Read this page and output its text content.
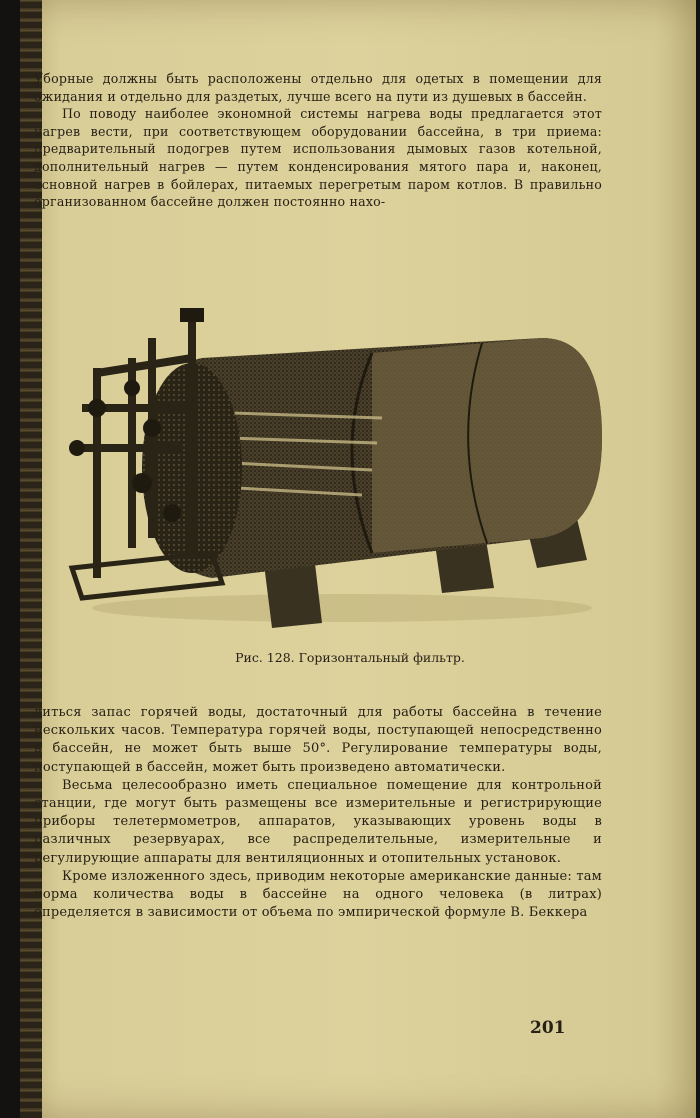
Уборные должны быть расположены отдельно для одетых в помещении для ожидания и отдельно для раздетых, лучше всего на пути из душевых в бассейн.

По поводу наиболее экономной системы нагрева воды предлагается этот нагрев вести, при соответствующем оборудовании бассейна, в три приема: предварительный подогрев путем использования дымовых газов котельной, дополнительный нагрев — путем конденсирования мятого пара и, наконец, основной нагрев в бойлерах, питаемых перегретым паром котлов. В правильно организованном бассейне должен постоянно нахо-

Рис. 128. Горизонтальный фильтр.

диться запас горячей воды, достаточный для работы бассейна в течение нескольких часов. Температура горячей воды, поступающей непосредственно в бассейн, не может быть выше 50°. Регулирование температуры воды, поступающей в бассейн, может быть произведено автоматически.

Весьма целесообразно иметь специальное помещение для контрольной станции, где могут быть размещены все измерительные и регистрирующие приборы телетермометров, аппаратов, указывающих уровень воды в различных резервуарах, все распределительные, измерительные и регулирующие аппараты для вентиляционных и отопительных установок.

Кроме изложенного здесь, приводим некоторые американские данные: там норма количества воды в бассейне на одного человека (в литрах) определяется в зависимости от объема по эмпирической формуле В. Беккера

201
